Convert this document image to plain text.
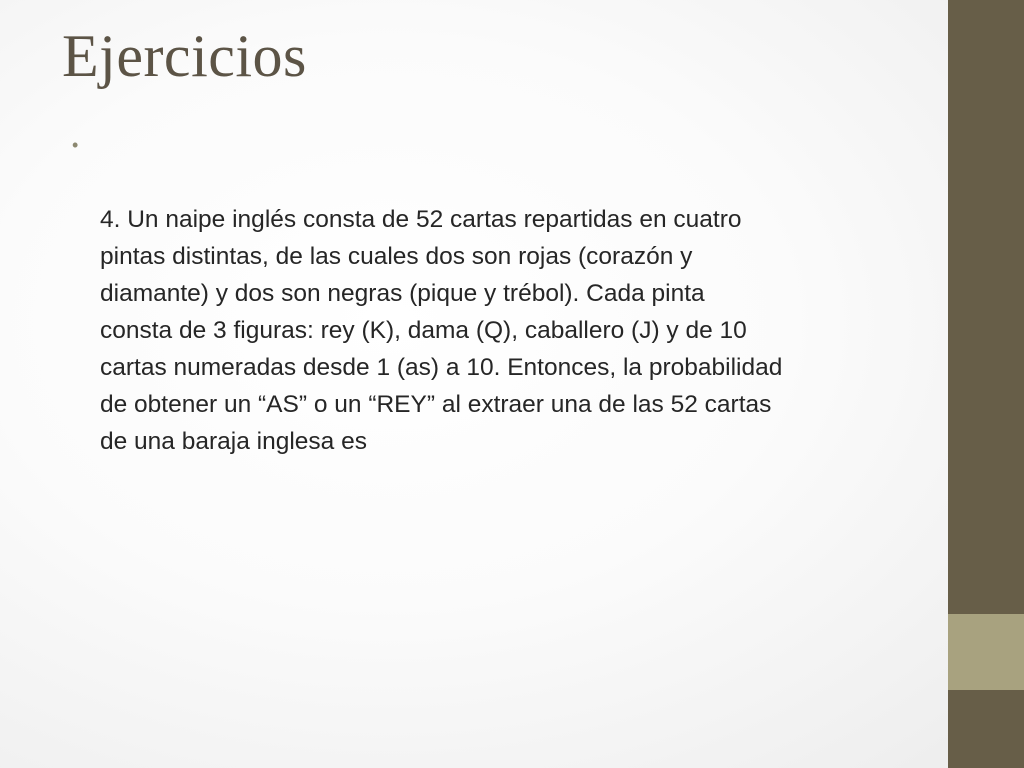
Ejercicios

•

4. Un naipe inglés consta de 52 cartas repartidas en cuatro
pintas distintas, de las cuales dos son rojas (corazón y
diamante) y dos son negras (pique y trébol). Cada pinta
consta de 3 figuras: rey (K), dama (Q), caballero (J) y de 10
cartas numeradas desde 1 (as) a 10. Entonces, la probabilidad
de obtener un “AS” o un “REY” al extraer una de las 52 cartas
de una baraja inglesa es
